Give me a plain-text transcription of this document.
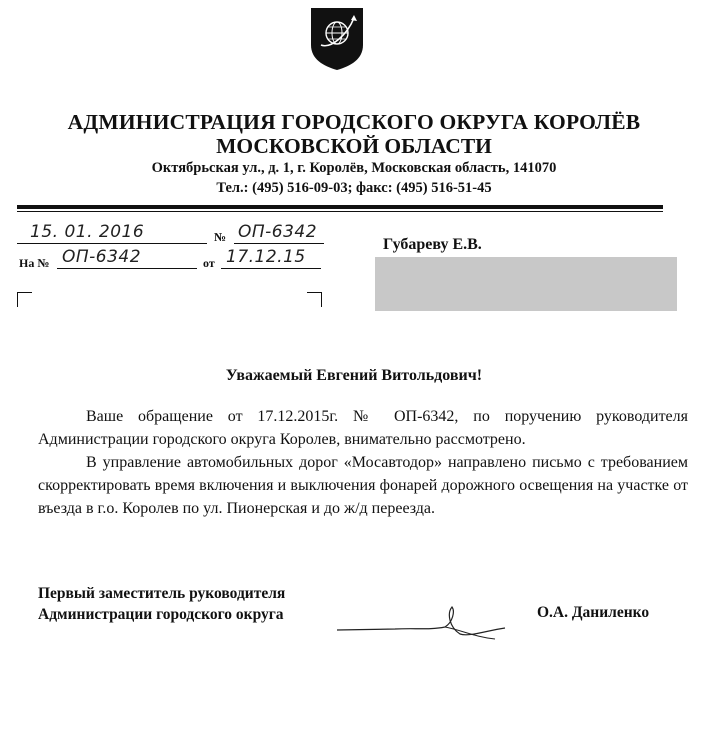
АДМИНИСТРАЦИЯ ГОРОДСКОГО ОКРУГА КОРОЛЁВ
МОСКОВСКОЙ ОБЛАСТИ
Октябрьская ул., д. 1, г. Королёв, Московская область, 141070
Тел.: (495) 516-09-03; факс: (495) 516-51-45
15. 01. 2016	№ ОП-6342
На № ОП-6342	от 17.12.15
Губареву Е.В.
Уважаемый Евгений Витольдович!

Ваше обращение от 17.12.2015г. № ОП-6342, по поручению руководителя Администрации городского округа Королев, внимательно рассмотрено.

В управление автомобильных дорог «Мосавтодор» направлено письмо с требованием скорректировать время включения и выключения фонарей дорожного освещения на участке от въезда в г.о. Королев по ул. Пионерская и до ж/д переезда.

Первый заместитель руководителя
Администрации городского округа	О.А. Даниленко
